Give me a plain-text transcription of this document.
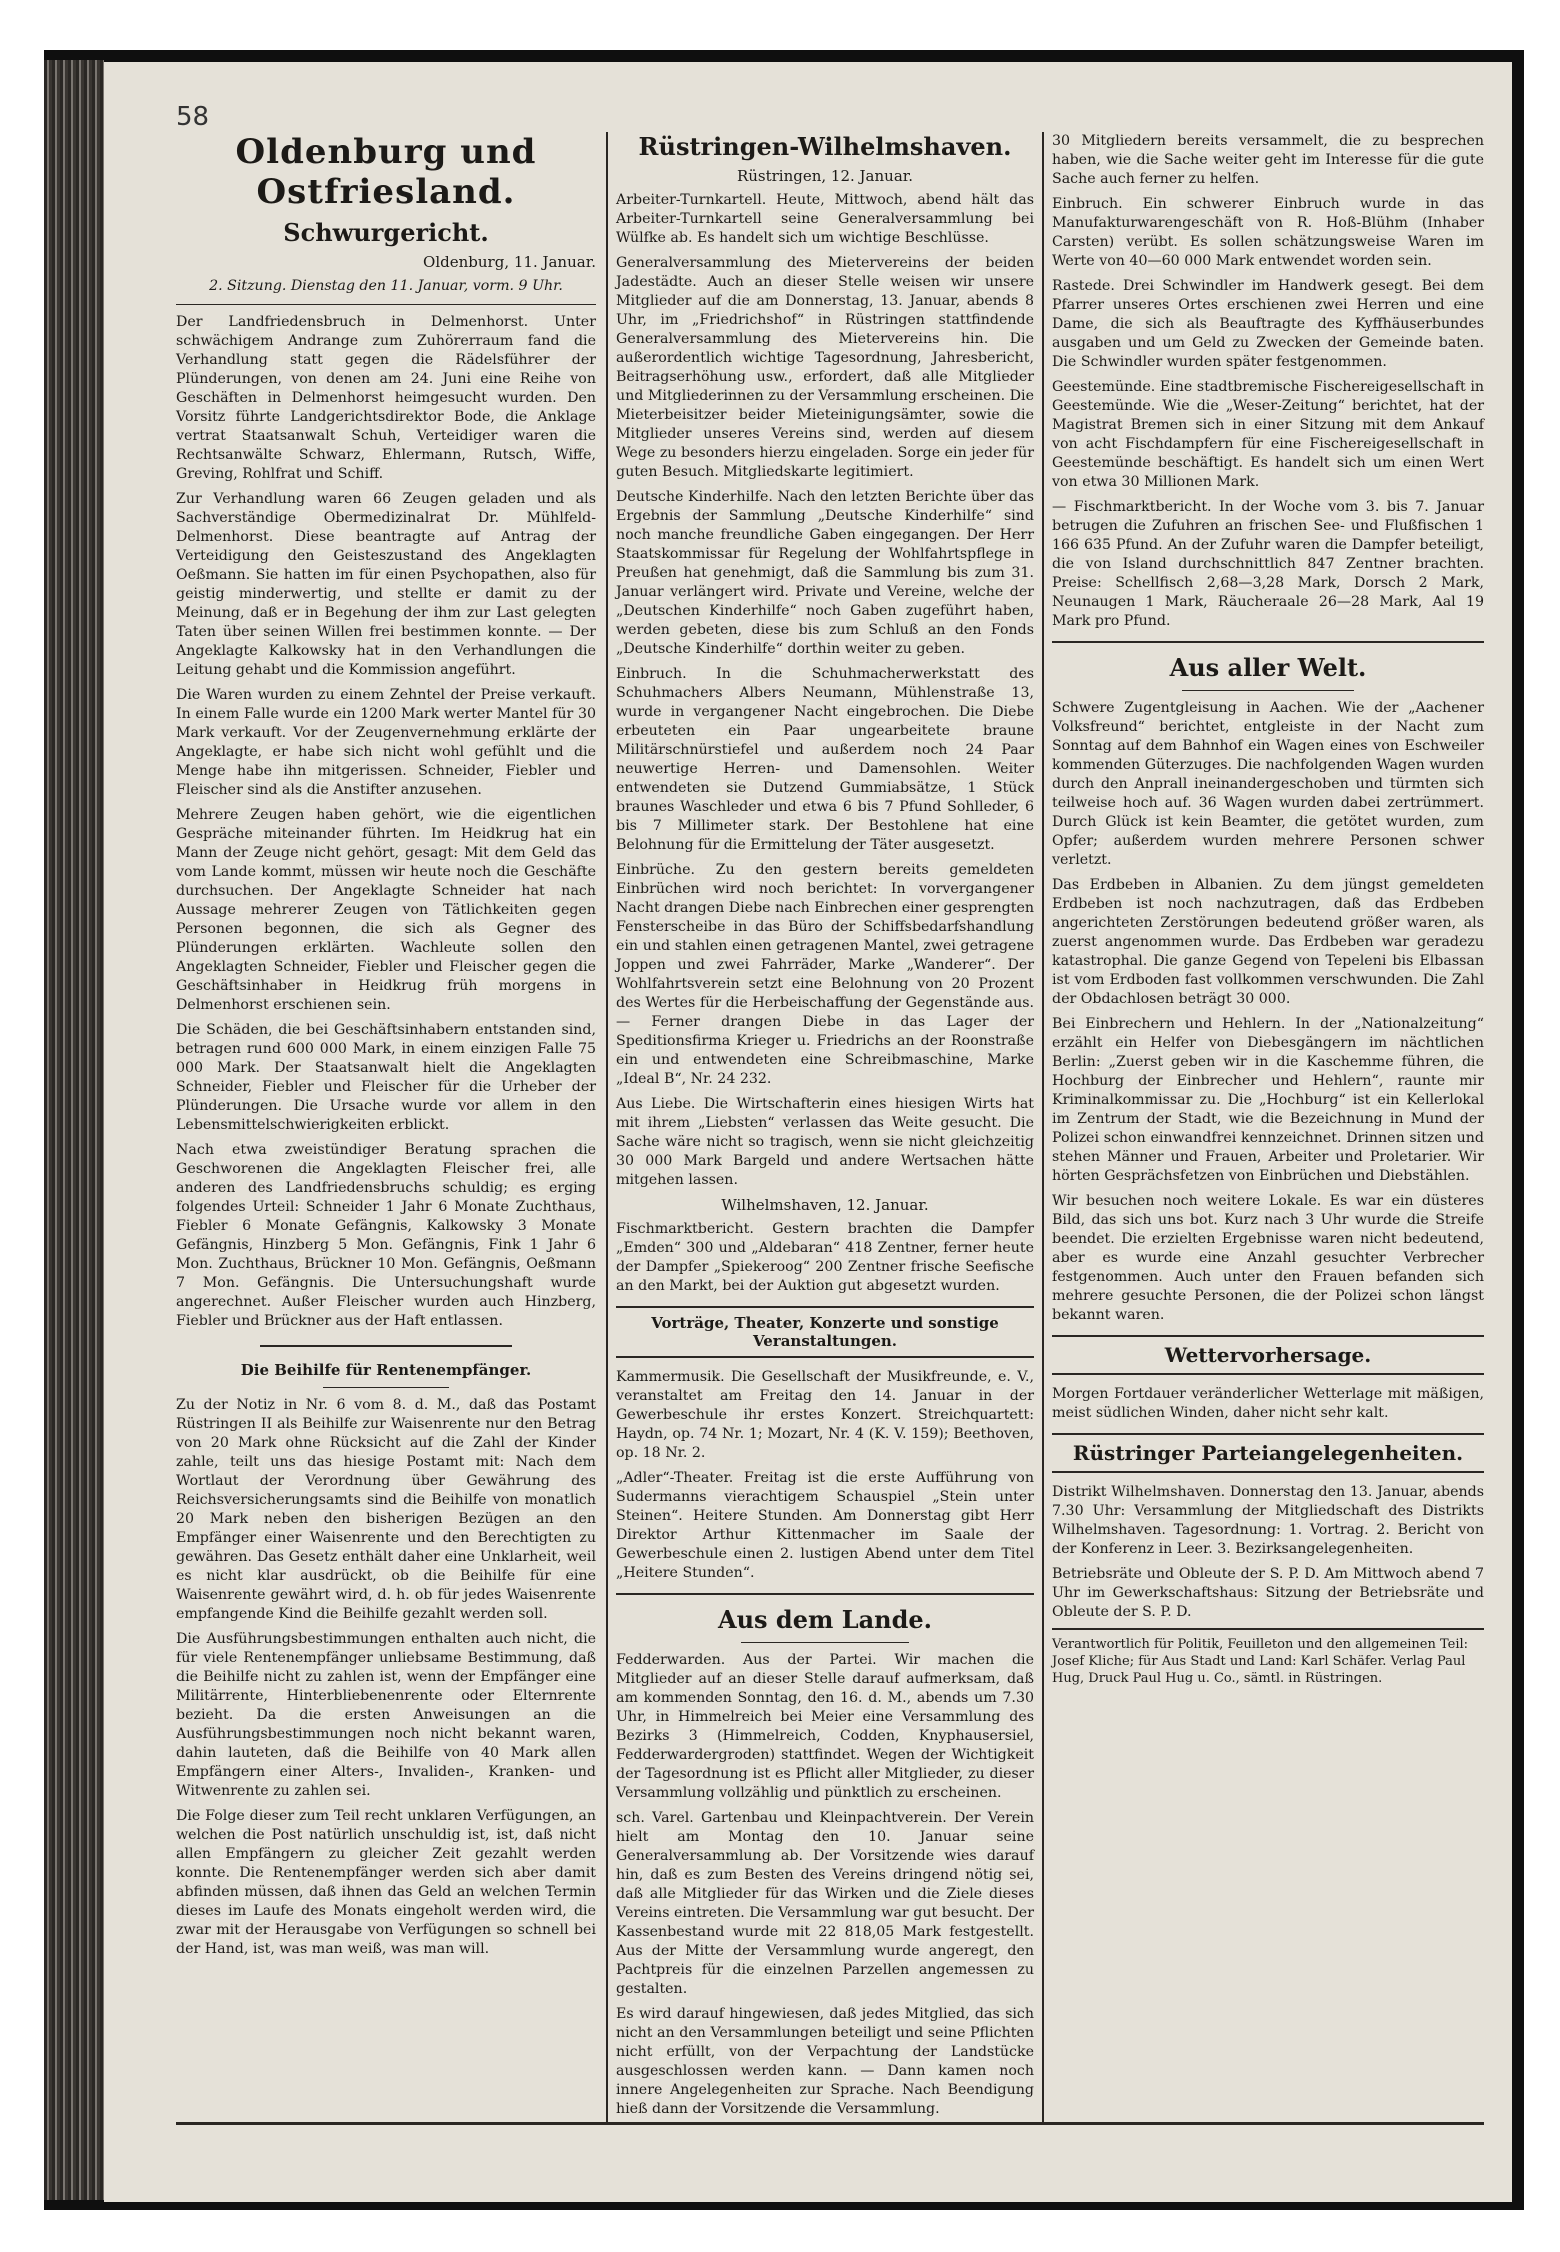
58
Oldenburg und Ostfriesland.
Schwurgericht.
Oldenburg, 11. Januar.
2. Sitzung. Dienstag den 11. Januar, vorm. 9 Uhr.

Der Landfriedensbruch in Delmenhorst. Unter schwächigem Andrange zum Zuhörerraum fand die Verhandlung statt gegen die Rädelsführer der Plünderungen, von denen am 24. Juni eine Reihe von Geschäften in Delmenhorst heimgesucht wurden. Den Vorsitz führte Landgerichtsdirektor Bode, die Anklage vertrat Staatsanwalt Schuh, Verteidiger waren die Rechtsanwälte Schwarz, Ehlermann, Rutsch, Wiffe, Greving, Rohlfrat und Schiff.

Zur Verhandlung waren 66 Zeugen geladen und als Sachverständige Obermedizinalrat Dr. Mühlfeld-Delmenhorst. Diese beantragte auf Antrag der Verteidigung den Geisteszustand des Angeklagten Oeßmann. Sie hatten im für einen Psychopathen, also für geistig minderwertig, und stellte er damit zu der Meinung, daß er in Begehung der ihm zur Last gelegten Taten über seinen Willen frei bestimmen konnte. — Der Angeklagte Kalkowsky hat in den Verhandlungen die Leitung gehabt und die Kommission angeführt.

Die Waren wurden zu einem Zehntel der Preise verkauft. In einem Falle wurde ein 1200 Mark werter Mantel für 30 Mark verkauft. Vor der Zeugenvernehmung erklärte der Angeklagte, er habe sich nicht wohl gefühlt und die Menge habe ihn mitgerissen. Schneider, Fiebler und Fleischer sind als die Anstifter anzusehen.

Mehrere Zeugen haben gehört, wie die eigentlichen Gespräche miteinander führten. Im Heidkrug hat ein Mann der Zeuge nicht gehört, gesagt: Mit dem Geld das vom Lande kommt, müssen wir heute noch die Geschäfte durchsuchen. Der Angeklagte Schneider hat nach Aussage mehrerer Zeugen von Tätlichkeiten gegen Personen begonnen, die sich als Gegner des Plünderungen erklärten. Wachleute sollen den Angeklagten Schneider, Fiebler und Fleischer gegen die Geschäftsinhaber in Heidkrug früh morgens in Delmenhorst erschienen sein.

Die Schäden, die bei Geschäftsinhabern entstanden sind, betragen rund 600 000 Mark, in einem einzigen Falle 75 000 Mark. Der Staatsanwalt hielt die Angeklagten Schneider, Fiebler und Fleischer für die Urheber der Plünderungen. Die Ursache wurde vor allem in den Lebensmittelschwierigkeiten erblickt.

Nach etwa zweistündiger Beratung sprachen die Geschworenen die Angeklagten Fleischer frei, alle anderen des Landfriedensbruchs schuldig; es erging folgendes Urteil: Schneider 1 Jahr 6 Monate Zuchthaus, Fiebler 6 Monate Gefängnis, Kalkowsky 3 Monate Gefängnis, Hinzberg 5 Mon. Gefängnis, Fink 1 Jahr 6 Mon. Zuchthaus, Brückner 10 Mon. Gefängnis, Oeßmann 7 Mon. Gefängnis. Die Untersuchungshaft wurde angerechnet. Außer Fleischer wurden auch Hinzberg, Fiebler und Brückner aus der Haft entlassen.

Die Beihilfe für Rentenempfänger.

Zu der Notiz in Nr. 6 vom 8. d. M., daß das Postamt Rüstringen II als Beihilfe zur Waisenrente nur den Betrag von 20 Mark ohne Rücksicht auf die Zahl der Kinder zahle, teilt uns das hiesige Postamt mit: Nach dem Wortlaut der Verordnung über Gewährung des Reichsversicherungsamts sind die Beihilfe von monatlich 20 Mark neben den bisherigen Bezügen an den Empfänger einer Waisenrente und den Berechtigten zu gewähren. Das Gesetz enthält daher eine Unklarheit, weil es nicht klar ausdrückt, ob die Beihilfe für eine Waisenrente gewährt wird, d. h. ob für jedes Waisenrente empfangende Kind die Beihilfe gezahlt werden soll.

Die Ausführungsbestimmungen enthalten auch nicht, die für viele Rentenempfänger unliebsame Bestimmung, daß die Beihilfe nicht zu zahlen ist, wenn der Empfänger eine Militärrente, Hinterbliebenenrente oder Elternrente bezieht. Da die ersten Anweisungen an die Ausführungsbestimmungen noch nicht bekannt waren, dahin lauteten, daß die Beihilfe von 40 Mark allen Empfängern einer Alters-, Invaliden-, Kranken- und Witwenrente zu zahlen sei.

Die Folge dieser zum Teil recht unklaren Verfügungen, an welchen die Post natürlich unschuldig ist, ist, daß nicht allen Empfängern zu gleicher Zeit gezahlt werden konnte. Die Rentenempfänger werden sich aber damit abfinden müssen, daß ihnen das Geld an welchen Termin dieses im Laufe des Monats eingeholt werden wird, die zwar mit der Herausgabe von Verfügungen so schnell bei der Hand, ist, was man weiß, was man will.

Rüstringen-Wilhelmshaven.
Rüstringen, 12. Januar.

Arbeiter-Turnkartell. Heute, Mittwoch, abend hält das Arbeiter-Turnkartell seine Generalversammlung bei Wülfke ab. Es handelt sich um wichtige Beschlüsse.

Generalversammlung des Mietervereins der beiden Jadestädte. Auch an dieser Stelle weisen wir unsere Mitglieder auf die am Donnerstag, 13. Januar, abends 8 Uhr, im „Friedrichshof“ in Rüstringen stattfindende Generalversammlung des Mietervereins hin. Die außerordentlich wichtige Tagesordnung, Jahresbericht, Beitragserhöhung usw., erfordert, daß alle Mitglieder und Mitgliederinnen zu der Versammlung erscheinen. Die Mieterbeisitzer beider Mieteinigungsämter, sowie die Mitglieder unseres Vereins sind, werden auf diesem Wege zu besonders hierzu eingeladen. Sorge ein jeder für guten Besuch. Mitgliedskarte legitimiert.

Deutsche Kinderhilfe. Nach den letzten Berichte über das Ergebnis der Sammlung „Deutsche Kinderhilfe“ sind noch manche freundliche Gaben eingegangen. Der Herr Staatskommissar für Regelung der Wohlfahrtspflege in Preußen hat genehmigt, daß die Sammlung bis zum 31. Januar verlängert wird. Private und Vereine, welche der „Deutschen Kinderhilfe“ noch Gaben zugeführt haben, werden gebeten, diese bis zum Schluß an den Fonds „Deutsche Kinderhilfe“ dorthin weiter zu geben.

Einbruch. In die Schuhmacherwerkstatt des Schuhmachers Albers Neumann, Mühlenstraße 13, wurde in vergangener Nacht eingebrochen. Die Diebe erbeuteten ein Paar ungearbeitete braune Militärschnürstiefel und außerdem noch 24 Paar neuwertige Herren- und Damensohlen. Weiter entwendeten sie Dutzend Gummiabsätze, 1 Stück braunes Waschleder und etwa 6 bis 7 Pfund Sohlleder, 6 bis 7 Millimeter stark. Der Bestohlene hat eine Belohnung für die Ermittelung der Täter ausgesetzt.

Einbrüche. Zu den gestern bereits gemeldeten Einbrüchen wird noch berichtet: In vorvergangener Nacht drangen Diebe nach Einbrechen einer gesprengten Fensterscheibe in das Büro der Schiffsbedarfshandlung ein und stahlen einen getragenen Mantel, zwei getragene Joppen und zwei Fahrräder, Marke „Wanderer“. Der Wohlfahrtsverein setzt eine Belohnung von 20 Prozent des Wertes für die Herbeischaffung der Gegenstände aus. — Ferner drangen Diebe in das Lager der Speditionsfirma Krieger u. Friedrichs an der Roonstraße ein und entwendeten eine Schreibmaschine, Marke „Ideal B“, Nr. 24 232.

Aus Liebe. Die Wirtschafterin eines hiesigen Wirts hat mit ihrem „Liebsten“ verlassen das Weite gesucht. Die Sache wäre nicht so tragisch, wenn sie nicht gleichzeitig 30 000 Mark Bargeld und andere Wertsachen hätte mitgehen lassen.

Wilhelmshaven, 12. Januar.

Fischmarktbericht. Gestern brachten die Dampfer „Emden“ 300 und „Aldebaran“ 418 Zentner, ferner heute der Dampfer „Spiekeroog“ 200 Zentner frische Seefische an den Markt, bei der Auktion gut abgesetzt wurden.

Vorträge, Theater, Konzerte und sonstige Veranstaltungen.

Kammermusik. Die Gesellschaft der Musikfreunde, e. V., veranstaltet am Freitag den 14. Januar in der Gewerbeschule ihr erstes Konzert. Streichquartett: Haydn, op. 74 Nr. 1; Mozart, Nr. 4 (K. V. 159); Beethoven, op. 18 Nr. 2.

„Adler“-Theater. Freitag ist die erste Aufführung von Sudermanns vierachtigem Schauspiel „Stein unter Steinen“. Heitere Stunden. Am Donnerstag gibt Herr Direktor Arthur Kittenmacher im Saale der Gewerbeschule einen 2. lustigen Abend unter dem Titel „Heitere Stunden“.

Aus dem Lande.

Fedderwarden. Aus der Partei. Wir machen die Mitglieder auf an dieser Stelle darauf aufmerksam, daß am kommenden Sonntag, den 16. d. M., abends um 7.30 Uhr, in Himmelreich bei Meier eine Versammlung des Bezirks 3 (Himmelreich, Codden, Knyphausersiel, Fedderwardergroden) stattfindet. Wegen der Wichtigkeit der Tagesordnung ist es Pflicht aller Mitglieder, zu dieser Versammlung vollzählig und pünktlich zu erscheinen.

sch. Varel. Gartenbau und Kleinpachtverein. Der Verein hielt am Montag den 10. Januar seine Generalversammlung ab. Der Vorsitzende wies darauf hin, daß es zum Besten des Vereins dringend nötig sei, daß alle Mitglieder für das Wirken und die Ziele dieses Vereins eintreten. Die Versammlung war gut besucht. Der Kassenbestand wurde mit 22 818,05 Mark festgestellt. Aus der Mitte der Versammlung wurde angeregt, den Pachtpreis für die einzelnen Parzellen angemessen zu gestalten.

Es wird darauf hingewiesen, daß jedes Mitglied, das sich nicht an den Versammlungen beteiligt und seine Pflichten nicht erfüllt, von der Verpachtung der Landstücke ausgeschlossen werden kann. — Dann kamen noch innere Angelegenheiten zur Sprache. Nach Beendigung hieß dann der Vorsitzende die Versammlung.

30 Mitgliedern bereits versammelt, die zu besprechen haben, wie die Sache weiter geht im Interesse für die gute Sache auch ferner zu helfen.

Einbruch. Ein schwerer Einbruch wurde in das Manufakturwarengeschäft von R. Hoß-Blühm (Inhaber Carsten) verübt. Es sollen schätzungsweise Waren im Werte von 40—60 000 Mark entwendet worden sein.

Rastede. Drei Schwindler im Handwerk gesegt. Bei dem Pfarrer unseres Ortes erschienen zwei Herren und eine Dame, die sich als Beauftragte des Kyffhäuserbundes ausgaben und um Geld zu Zwecken der Gemeinde baten. Die Schwindler wurden später festgenommen.

Geestemünde. Eine stadtbremische Fischereigesellschaft in Geestemünde. Wie die „Weser-Zeitung“ berichtet, hat der Magistrat Bremen sich in einer Sitzung mit dem Ankauf von acht Fischdampfern für eine Fischereigesellschaft in Geestemünde beschäftigt. Es handelt sich um einen Wert von etwa 30 Millionen Mark.

— Fischmarktbericht. In der Woche vom 3. bis 7. Januar betrugen die Zufuhren an frischen See- und Flußfischen 1 166 635 Pfund. An der Zufuhr waren die Dampfer beteiligt, die von Island durchschnittlich 847 Zentner brachten. Preise: Schellfisch 2,68—3,28 Mark, Dorsch 2 Mark, Neunaugen 1 Mark, Räucheraale 26—28 Mark, Aal 19 Mark pro Pfund.

Aus aller Welt.

Schwere Zugentgleisung in Aachen. Wie der „Aachener Volksfreund“ berichtet, entgleiste in der Nacht zum Sonntag auf dem Bahnhof ein Wagen eines von Eschweiler kommenden Güterzuges. Die nachfolgenden Wagen wurden durch den Anprall ineinandergeschoben und türmten sich teilweise hoch auf. 36 Wagen wurden dabei zertrümmert. Durch Glück ist kein Beamter, die getötet wurden, zum Opfer; außerdem wurden mehrere Personen schwer verletzt.

Das Erdbeben in Albanien. Zu dem jüngst gemeldeten Erdbeben ist noch nachzutragen, daß das Erdbeben angerichteten Zerstörungen bedeutend größer waren, als zuerst angenommen wurde. Das Erdbeben war geradezu katastrophal. Die ganze Gegend von Tepeleni bis Elbassan ist vom Erdboden fast vollkommen verschwunden. Die Zahl der Obdachlosen beträgt 30 000.

Bei Einbrechern und Hehlern. In der „Nationalzeitung“ erzählt ein Helfer von Diebesgängern im nächtlichen Berlin: „Zuerst geben wir in die Kaschemme führen, die Hochburg der Einbrecher und Hehlern“, raunte mir Kriminalkommissar zu. Die „Hochburg“ ist ein Kellerlokal im Zentrum der Stadt, wie die Bezeichnung in Mund der Polizei schon einwandfrei kennzeichnet. Drinnen sitzen und stehen Männer und Frauen, Arbeiter und Proletarier. Wir hörten Gesprächsfetzen von Einbrüchen und Diebstählen.

Wir besuchen noch weitere Lokale. Es war ein düsteres Bild, das sich uns bot. Kurz nach 3 Uhr wurde die Streife beendet. Die erzielten Ergebnisse waren nicht bedeutend, aber es wurde eine Anzahl gesuchter Verbrecher festgenommen. Auch unter den Frauen befanden sich mehrere gesuchte Personen, die der Polizei schon längst bekannt waren.

Wettervorhersage.

Morgen Fortdauer veränderlicher Wetterlage mit mäßigen, meist südlichen Winden, daher nicht sehr kalt.

Rüstringer Parteiangelegenheiten.

Distrikt Wilhelmshaven. Donnerstag den 13. Januar, abends 7.30 Uhr: Versammlung der Mitgliedschaft des Distrikts Wilhelmshaven. Tagesordnung: 1. Vortrag. 2. Bericht von der Konferenz in Leer. 3. Bezirksangelegenheiten.

Betriebsräte und Obleute der S. P. D. Am Mittwoch abend 7 Uhr im Gewerkschaftshaus: Sitzung der Betriebsräte und Obleute der S. P. D.

Verantwortlich für Politik, Feuilleton und den allgemeinen Teil: Josef Kliche; für Aus Stadt und Land: Karl Schäfer. Verlag Paul Hug, Druck Paul Hug u. Co., sämtl. in Rüstringen.
